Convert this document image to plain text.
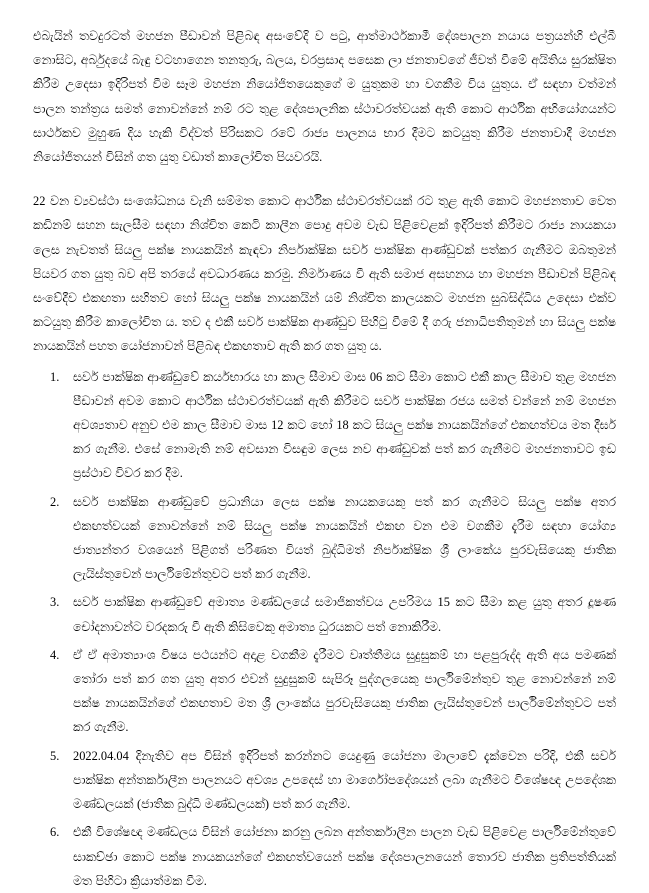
එබැයින් තවදුරටත් මහජන පීඩාවන් පිළිබඳ අසංවේදි ව පටු, ආත්මාර්ථකාමී දේශපාලන නයාය පත්‍රයන්හි එල්බී නොසිට, අර්බුදයේ බැඳු වටහාගෙන තනතුරු, බලය, වරප්‍රසාද පසෙක ලා ජනතාවගේ ජීවත් වීමේ අයිතිය සුරක්ෂිත කිරීම උදෙසා ඉදිරිපත් වීම සෑම මහජන නියෝජිතයෙකුගේ ම යුතුකම හා වගකීම විය යුතුය. ඒ සඳහා වත්මන් පාලන තන්ත්‍රය සමත් නොවන්නේ නම් රට තුළ දේශපාලනික ස්ථාවරත්වයක් ඇති කොට ආර්ථික අභියෝගයන්ට සාර්ථකව මුහුණ දිය හැකි විද්වත් පිරිසකට රටේ රාජ්‍ය පාලනය භාර දීමට කටයුතු කිරීම ජනතාවාදී මහජන නියෝජිතයන් විසින් ගත යුතු වඩාත් කාලෝචිත පියවරයි.

22 වන ව්‍යවස්ථා සංශෝධනය වැනි සම්මත කොට ආර්ථික ස්ථාවරත්වයක් රට තුළ ඇති කොට මහජනතාව වෙත කඩිනම් සහන සැලසීම සඳහා නිශ්චිත කෙටි කාලීන පොදු අවම වැඩ පිළිවෙළක් ඉදිරිපත් කිරීමට රාජ්‍ය නායකයා ලෙස නැවතත් සියලු පක්ෂ නායකයින් කැඳවා නිර්පාක්ෂික සර්ව පාක්ෂික ආණ්ඩුවක් පත්කර ගැනීමට ඔබතුමන් පියවර ගත යුතු බව අපි තරයේ අවධාරණය කරමු. නිර්මාණය වී ඇති සමාජ අසහනය හා මහජන පීඩාවන් පිළිබඳ සංවේදීව එකඟතා සහිතව හෝ සියලු පක්ෂ නායකයින් යම් නිශ්චිත කාලයකට මහජන සුබසිද්ධිය උදෙසා එක්ව කටයුතු කිරීම කාලෝචිත ය. තව ද එකී සර්ව පාක්ෂික ආණ්ඩුව පිහිටු වීමේ දී ගරු ජනාධිපතිතුමන් හා සියලු පක්ෂ නායකයින් පහත යෝජනාවන් පිළිබඳ එකඟතාව ඇති කර ගත යුතු ය.

සර්ව පාක්ෂික ආණ්ඩුවේ කර්යභාරය හා කාල සීමාව මාස 06 කට සීමා කොට එකී කාල සීමාව තුළ මහජන පීඩාවන් අවම කොට ආර්ථික ස්ථාවරත්වයක් ඇති කිරීමට සර්ව පාක්ෂික රජය සමත් වන්නේ නම් මහජන අවශ්‍යතාව අනුව එම කාල සීමාව මාස 12 කට හෝ 18 කට සියලු පක්ෂ නායකයින්ගේ එකඟත්වය මත දීර්ඝ කර ගැනීම. එසේ නොමැති නම් අවසාන විසඳුම ලෙස නව ආණ්ඩුවක් පත් කර ගැනීමට මහජනතාවට ඉඩ ප්‍රස්ථාව විවර කර දීම.
සර්ව පාක්ෂික ආණ්ඩුවේ ප්‍රධානියා ලෙස පක්ෂ නායකයෙකු පත් කර ගැනීමට සියලු පක්ෂ අතර එකඟත්වයක් නොවන්නේ නම් සියලු පක්ෂ නායකයින් එකඟ වන එම වගකීම දැරීම සඳහා යෝග්‍ය ජාත්‍යන්තර වශයෙන් පිළිගත් පරිණත වියත් බුද්ධිමත් නිර්පාක්ෂික ශ්‍රී ලාංකේය පුරවැසියෙකු ජාතික ලැයිස්තුවෙන් පාර්ලිමේන්තුවට පත් කර ගැනීම.
සර්ව පාක්ෂික ආණ්ඩුවේ අමාත්‍ය මණ්ඩලයේ සමාජිකත්වය උපරිමය 15 කට සීමා කළ යුතු අතර දූෂණ චෝදනාවන්ට වරදකරු වී ඇති කිසිවෙකු අමාත්‍ය ධුරයකට පත් නොකිරීම.
ඒ ඒ අමාත්‍යාංශ විෂය පථයන්ට අදාළ වගකීම දැරීමට වෘත්තීමය සුදුසුකම් හා පළපුරුද්ද ඇති අය පමණක් තෝරා පත් කර ගත යුතු අතර එවන් සුදුසුකම් සැපිරූ පුද්ගලයෙකු පාර්ලිමේන්තුව තුළ නොවන්නේ නම් පක්ෂ නායකයින්ගේ එකඟතාව මත ශ්‍රී ලාංකේය පුරවැසියෙකු ජාතික ලැයිස්තුවෙන් පාර්ලිමේන්තුවට පත් කර ගැනීම.
2022.04.04 දිනැතිව අප විසින් ඉදිරිපත් කරන්නට යෙදුණු යෝජනා මාලාවේ දැක්වෙන පරිදි, එකී සර්ව පාක්ෂික අන්තර්කාලීන පාලනයට අවශ්‍ය උපදෙස් හා මාර්ගෝපදේශයන් ලබා ගැනීමට විශේෂඥ උපදේශක මණ්ඩලයක් (ජාතික බුද්ධි මණ්ඩලයක්) පත් කර ගැනීම.
එකී විශේෂඥ මණ්ඩලය විසින් යෝජනා කරනු ලබන අන්තර්කාලීන පාලන වැඩ පිළිවෙළ පාර්ලිමේන්තුවේ සාකච්ඡා කොට පක්ෂ නායකයන්ගේ එකඟත්වයෙන් පක්ෂ දේශපාලනයෙන් තොරව ජාතික ප්‍රතිපත්තියක් මත පිහිටා ක්‍රියාත්මක වීම.
